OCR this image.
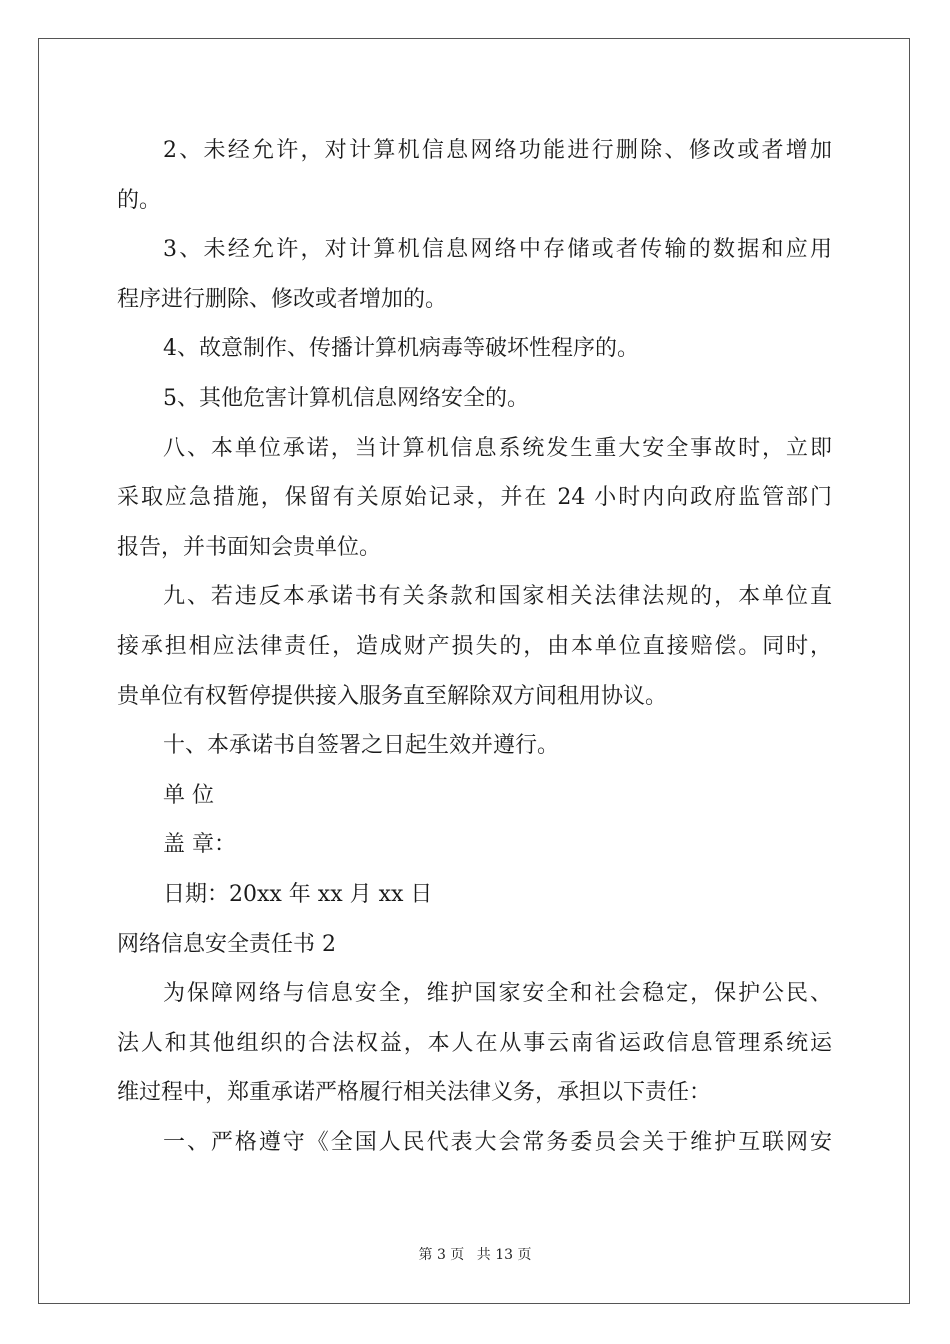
2、未经允许，对计算机信息网络功能进行删除、修改或者增加
的。
3、未经允许，对计算机信息网络中存储或者传输的数据和应用
程序进行删除、修改或者增加的。
4、故意制作、传播计算机病毒等破坏性程序的。
5、其他危害计算机信息网络安全的。
八、本单位承诺，当计算机信息系统发生重大安全事故时，立即
采取应急措施，保留有关原始记录，并在 24 小时内向政府监管部门
报告，并书面知会贵单位。
九、若违反本承诺书有关条款和国家相关法律法规的，本单位直
接承担相应法律责任，造成财产损失的，由本单位直接赔偿。同时，
贵单位有权暂停提供接入服务直至解除双方间租用协议。
十、本承诺书自签署之日起生效并遵行。
单 位
盖 章：
日期：20xx 年 xx 月 xx 日
网络信息安全责任书 2
为保障网络与信息安全，维护国家安全和社会稳定，保护公民、
法人和其他组织的合法权益，本人在从事云南省运政信息管理系统运
维过程中，郑重承诺严格履行相关法律义务，承担以下责任：
一、严格遵守《全国人民代表大会常务委员会关于维护互联网安
第 3 页 共 13 页
